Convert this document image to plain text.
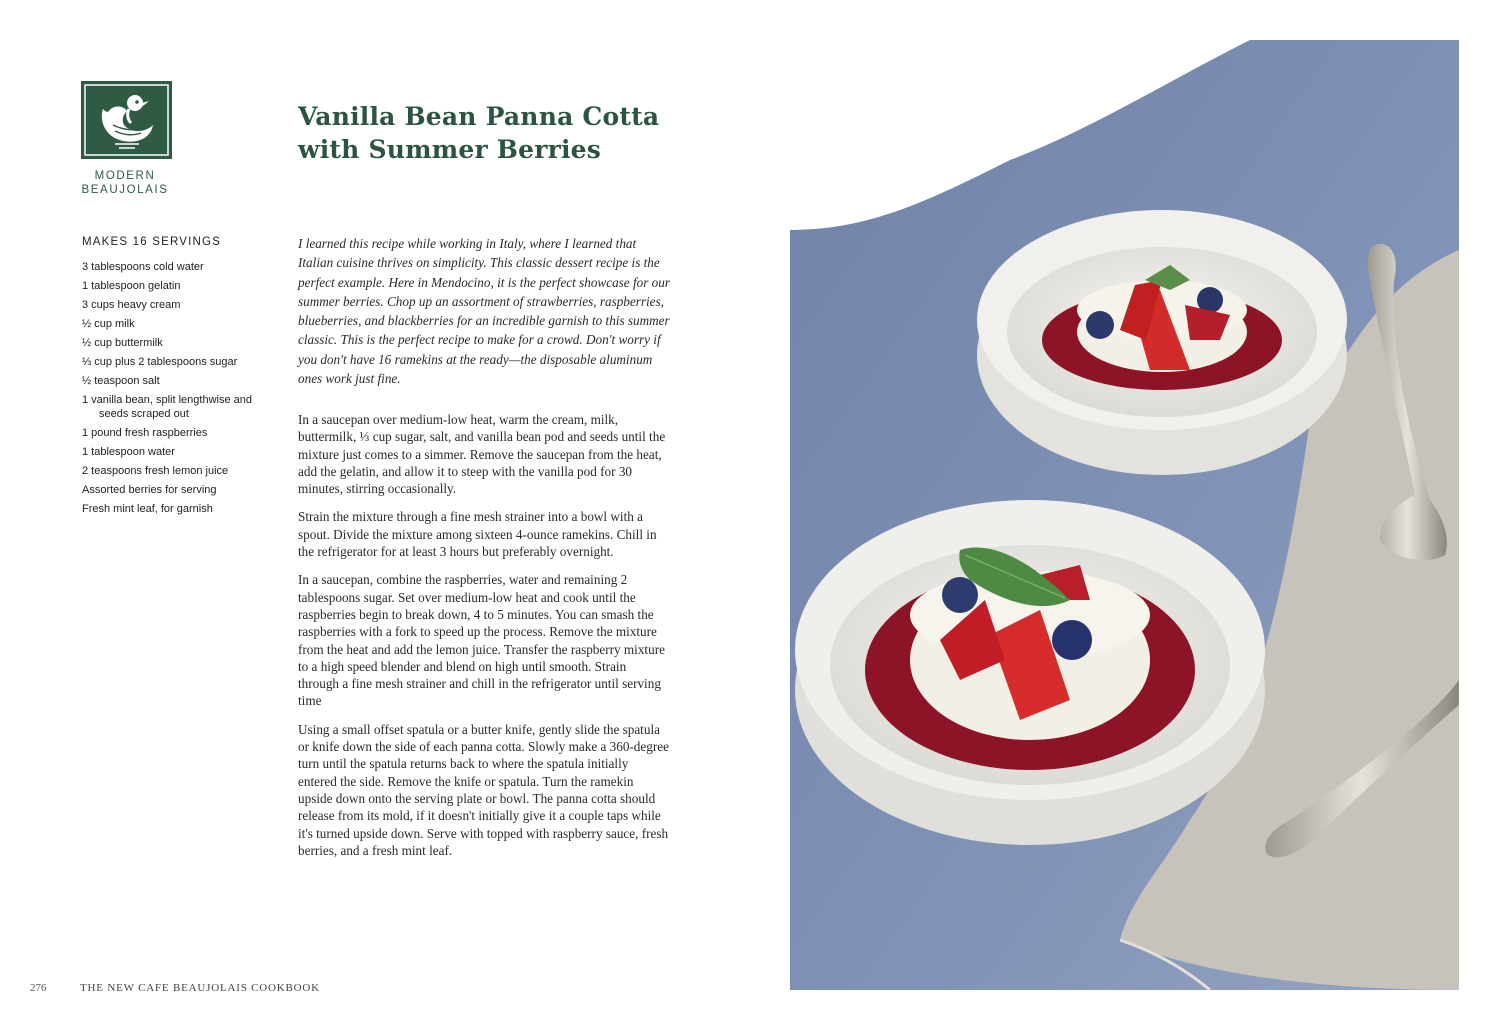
MODERN
BEAUJOLAIS
Vanilla Bean Panna Cotta
with Summer Berries
MAKES 16 SERVINGS
3 tablespoons cold water
1 tablespoon gelatin
3 cups heavy cream
½ cup milk
½ cup buttermilk
⅓ cup plus 2 tablespoons sugar
½ teaspoon salt
1 vanilla bean, split lengthwise and seeds scraped out
1 pound fresh raspberries
1 tablespoon water
2 teaspoons fresh lemon juice
Assorted berries for serving
Fresh mint leaf, for garnish

I learned this recipe while working in Italy, where I learned that Italian cuisine thrives on simplicity. This classic dessert recipe is the perfect example. Here in Mendocino, it is the perfect showcase for our summer berries. Chop up an assortment of strawberries, raspberries, blueberries, and blackberries for an incredible garnish to this summer classic. This is the perfect recipe to make for a crowd. Don't worry if you don't have 16 ramekins at the ready—the disposable aluminum ones work just fine.

In a saucepan over medium-low heat, warm the cream, milk, buttermilk, ⅓ cup sugar, salt, and vanilla bean pod and seeds until the mixture just comes to a simmer. Remove the saucepan from the heat, add the gelatin, and allow it to steep with the vanilla pod for 30 minutes, stirring occasionally.

Strain the mixture through a fine mesh strainer into a bowl with a spout. Divide the mixture among sixteen 4-ounce ramekins. Chill in the refrigerator for at least 3 hours but preferably overnight.

In a saucepan, combine the raspberries, water and remaining 2 tablespoons sugar. Set over medium-low heat and cook until the raspberries begin to break down, 4 to 5 minutes. You can smash the raspberries with a fork to speed up the process. Remove the mixture from the heat and add the lemon juice. Transfer the raspberry mixture to a high speed blender and blend on high until smooth. Strain through a fine mesh strainer and chill in the refrigerator until serving time

Using a small offset spatula or a butter knife, gently slide the spatula or knife down the side of each panna cotta. Slowly make a 360-degree turn until the spatula returns back to where the spatula initially entered the side. Remove the knife or spatula. Turn the ramekin upside down onto the serving plate or bowl. The panna cotta should release from its mold, if it doesn't initially give it a couple taps while it's turned upside down. Serve with topped with raspberry sauce, fresh berries, and a fresh mint leaf.

276	THE NEW CAFE BEAUJOLAIS COOKBOOK
